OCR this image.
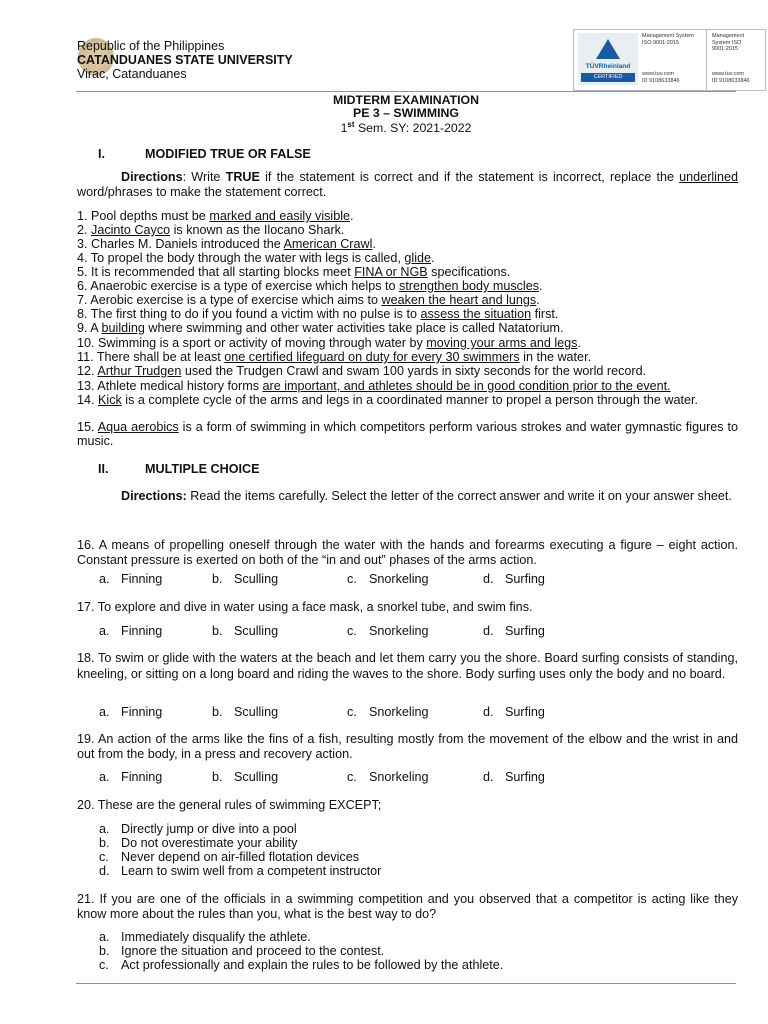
Republic of the Philippines
CATANDUANES STATE UNIVERSITY
Virac, Catanduanes
TÜVRheinland
CERTIFIED
Management System ISO 9001:2015
www.tuv.com
ID 9108633846
Management System ISO 9001:2015
www.tuv.com
ID 9108633846
MIDTERM EXAMINATION
PE 3 – SWIMMING
1st Sem. SY: 2021-2022
I.	MODIFIED TRUE OR FALSE
Directions: Write TRUE if the statement is correct and if the statement is incorrect, replace the underlined word/phrases to make the statement correct.
1. Pool depths must be marked and easily visible.
2. Jacinto Cayco is known as the Ilocano Shark.
3. Charles M. Daniels introduced the American Crawl.
4. To propel the body through the water with legs is called, glide.
5. It is recommended that all starting blocks meet FINA or NGB specifications.
6. Anaerobic exercise is a type of exercise which helps to strengthen body muscles.
7. Aerobic exercise is a type of exercise which aims to weaken the heart and lungs.
8. The first thing to do if you found a victim with no pulse is to assess the situation first.
9. A building where swimming and other water activities take place is called Natatorium.
10. Swimming is a sport or activity of moving through water by moving your arms and legs.
11. There shall be at least one certified lifeguard on duty for every 30 swimmers in the water.
12. Arthur Trudgen used the Trudgen Crawl and swam 100 yards in sixty seconds for the world record.
13. Athlete medical history forms are important, and athletes should be in good condition prior to the event.
14. Kick is a complete cycle of the arms and legs in a coordinated manner to propel a person through the water.
15. Aqua aerobics is a form of swimming in which competitors perform various strokes and water gymnastic figures to music.
II.	MULTIPLE CHOICE
Directions: Read the items carefully. Select the letter of the correct answer and write it on your answer sheet.
16. A means of propelling oneself through the water with the hands and forearms executing a figure – eight action. Constant pressure is exerted on both of the “in and out” phases of the arms action.
a. Finning	b. Sculling	c. Snorkeling	d. Surfing
17. To explore and dive in water using a face mask, a snorkel tube, and swim fins.
a. Finning	b. Sculling	c. Snorkeling	d. Surfing
18. To swim or glide with the waters at the beach and let them carry you the shore. Board surfing consists of standing, kneeling, or sitting on a long board and riding the waves to the shore. Body surfing uses only the body and no board.
a. Finning	b. Sculling	c. Snorkeling	d. Surfing
19. An action of the arms like the fins of a fish, resulting mostly from the movement of the elbow and the wrist in and out from the body, in a press and recovery action.
a. Finning	b. Sculling	c. Snorkeling	d. Surfing
20. These are the general rules of swimming EXCEPT;
a. Directly jump or dive into a pool
b. Do not overestimate your ability
c. Never depend on air-filled flotation devices
d. Learn to swim well from a competent instructor
21. If you are one of the officials in a swimming competition and you observed that a competitor is acting like they know more about the rules than you, what is the best way to do?
a. Immediately disqualify the athlete.
b. Ignore the situation and proceed to the contest.
c. Act professionally and explain the rules to be followed by the athlete.
